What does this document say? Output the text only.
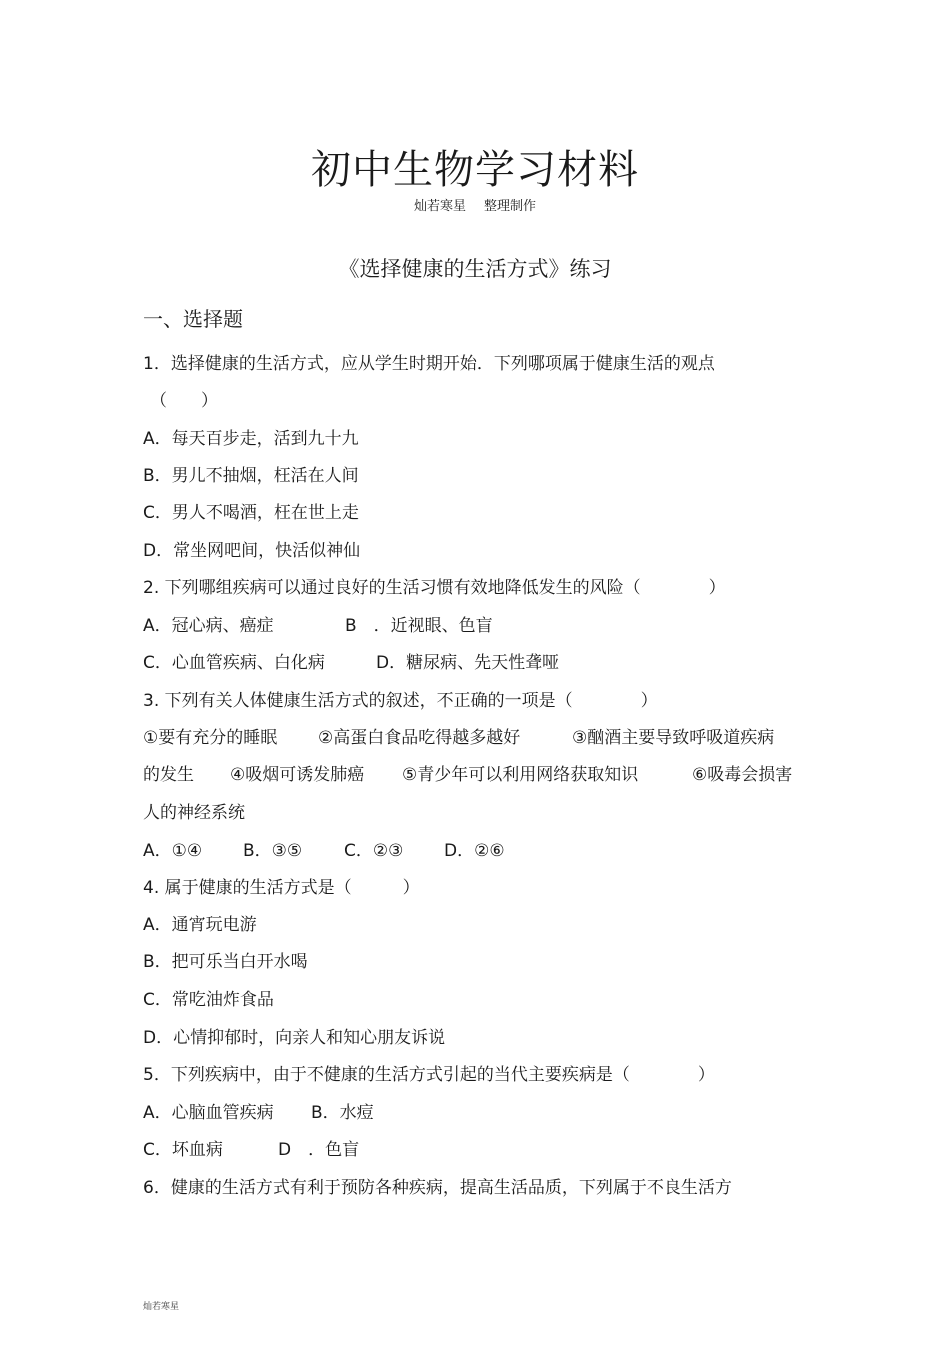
初中生物学习材料
灿若寒星 整理制作
《选择健康的生活方式》练习
一、选择题
1．选择健康的生活方式，应从学生时期开始．下列哪项属于健康生活的观点
（　　）
A．每天百步走，活到九十九
B．男儿不抽烟，枉活在人间
C．男人不喝酒，枉在世上走
D．常坐网吧间，快活似神仙
2. 下列哪组疾病可以通过良好的生活习惯有效地降低发生的风险（　　　　）
A．冠心病、癌症	B　．近视眼、色盲
C．心血管疾病、白化病	D．糖尿病、先天性聋哑
3. 下列有关人体健康生活方式的叙述，不正确的一项是（　　　　）
①要有充分的睡眠 ②高蛋白食品吃得越多越好	③酗酒主要导致呼吸道疾病
的发生 ④吸烟可诱发肺癌 ⑤青少年可以利用网络获取知识	⑥吸毒会损害
人的神经系统
A．①④ B．③⑤ C．②③ D．②⑥
4. 属于健康的生活方式是（　　　）
A．通宵玩电游
B．把可乐当白开水喝
C．常吃油炸食品
D．心情抑郁时，向亲人和知心朋友诉说
5．下列疾病中，由于不健康的生活方式引起的当代主要疾病是（　　　　）
A．心脑血管疾病 B．水痘
C．坏血病	D　．色盲
6．健康的生活方式有利于预防各种疾病，提高生活品质，下列属于不良生活方
灿若寒星
